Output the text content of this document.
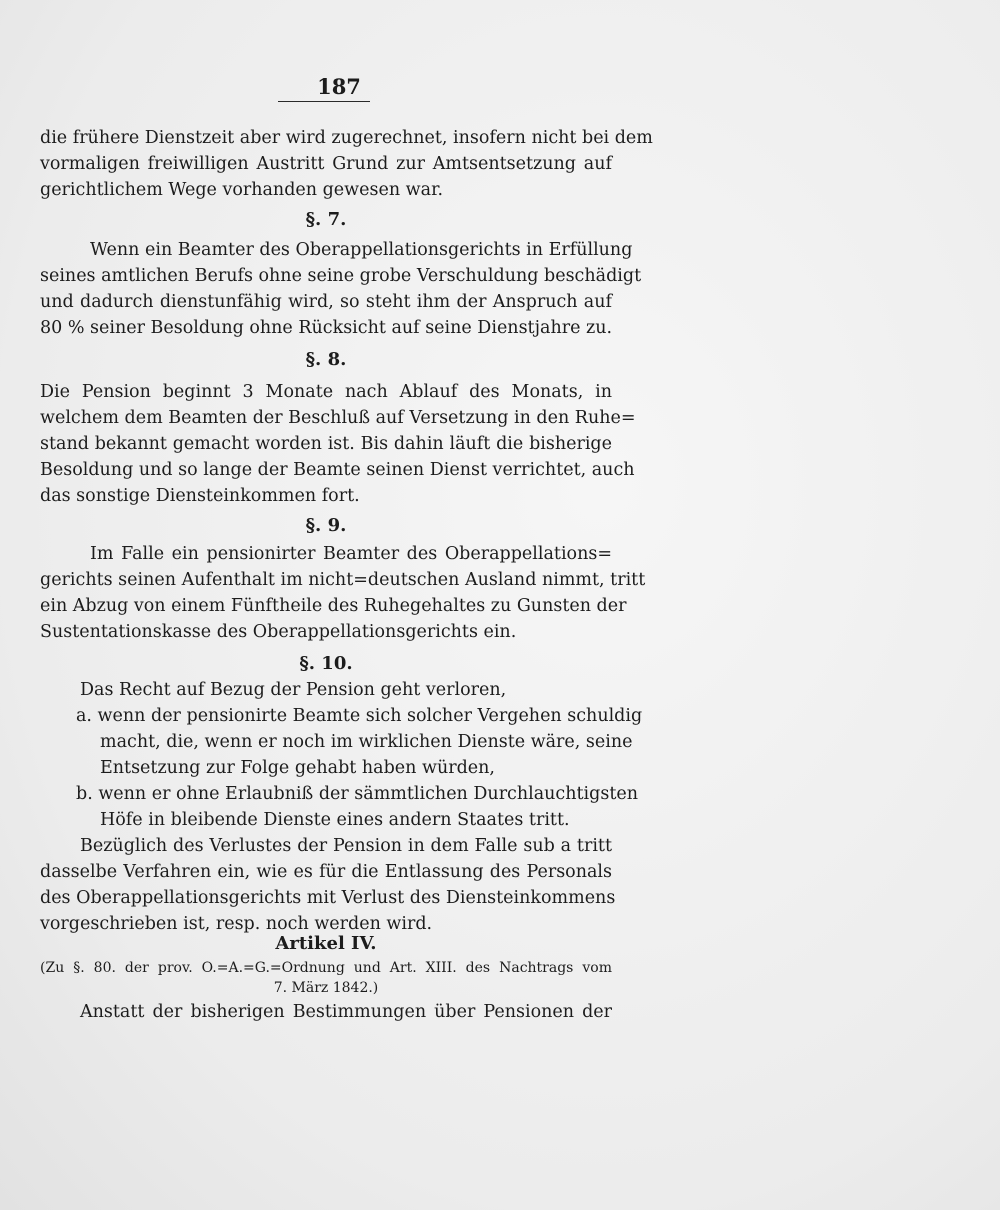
187
die frühere Dienstzeit aber wird zugerechnet, insofern nicht bei dem
vormaligen freiwilligen Austritt Grund zur Amtsentsetzung auf
gerichtlichem Wege vorhanden gewesen war.
§. 7.
Wenn ein Beamter des Oberappellationsgerichts in Erfüllung
seines amtlichen Berufs ohne seine grobe Verschuldung beschädigt
und dadurch dienstunfähig wird, so steht ihm der Anspruch auf
80 % seiner Besoldung ohne Rücksicht auf seine Dienstjahre zu.
§. 8.
Die Pension beginnt 3 Monate nach Ablauf des Monats, in
welchem dem Beamten der Beschluß auf Versetzung in den Ruhe=
stand bekannt gemacht worden ist. Bis dahin läuft die bisherige
Besoldung und so lange der Beamte seinen Dienst verrichtet, auch
das sonstige Diensteinkommen fort.
§. 9.
Im Falle ein pensionirter Beamter des Oberappellations=
gerichts seinen Aufenthalt im nicht=deutschen Ausland nimmt, tritt
ein Abzug von einem Fünftheile des Ruhegehaltes zu Gunsten der
Sustentationskasse des Oberappellationsgerichts ein.
§. 10.
Das Recht auf Bezug der Pension geht verloren,
a. wenn der pensionirte Beamte sich solcher Vergehen schuldig
macht, die, wenn er noch im wirklichen Dienste wäre, seine
Entsetzung zur Folge gehabt haben würden,
b. wenn er ohne Erlaubniß der sämmtlichen Durchlauchtigsten
Höfe in bleibende Dienste eines andern Staates tritt.
Bezüglich des Verlustes der Pension in dem Falle sub a tritt
dasselbe Verfahren ein, wie es für die Entlassung des Personals
des Oberappellationsgerichts mit Verlust des Diensteinkommens
vorgeschrieben ist, resp. noch werden wird.
Artikel IV.
(Zu §. 80. der prov. O.=A.=G.=Ordnung und Art. XIII. des Nachtrags vom
7. März 1842.)
Anstatt der bisherigen Bestimmungen über Pensionen der
